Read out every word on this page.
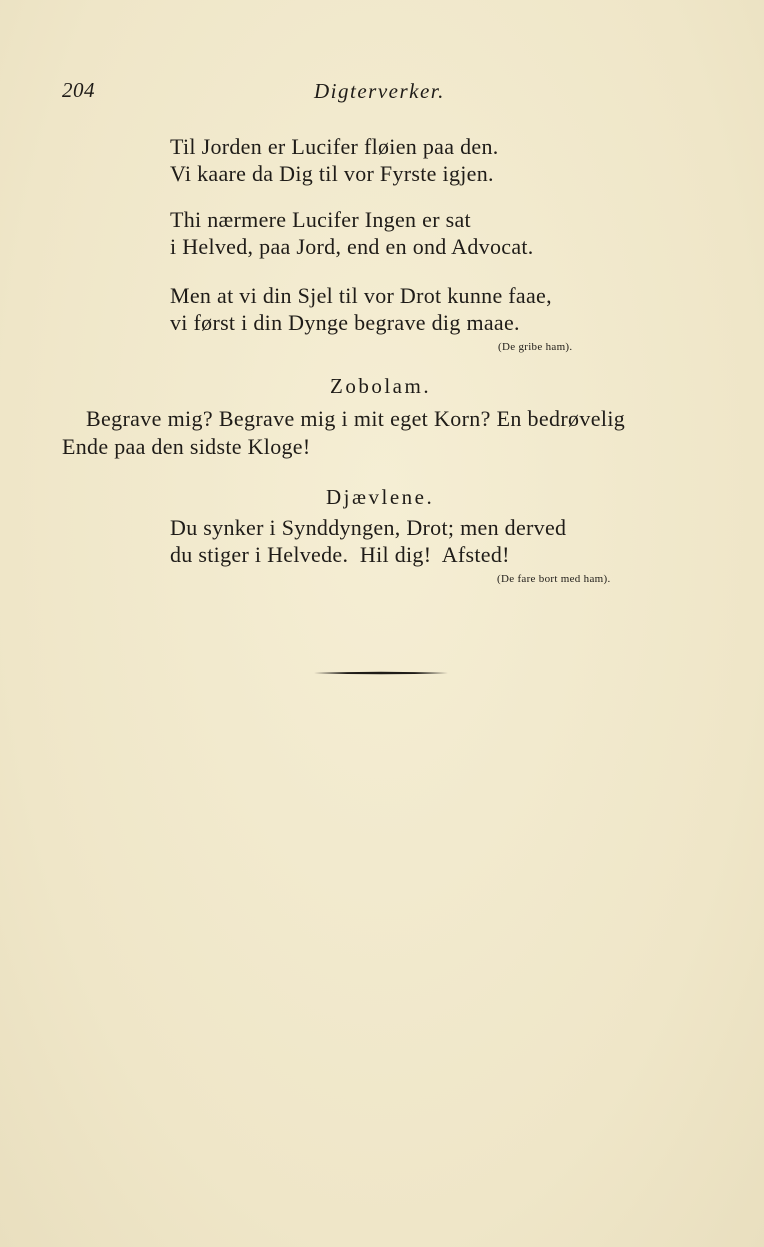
204	Digterverker.
Til Jorden er Lucifer fløien paa den.
Vi kaare da Dig til vor Fyrste igjen.
Thi nærmere Lucifer Ingen er sat
i Helved, paa Jord, end en ond Advocat.
Men at vi din Sjel til vor Drot kunne faae,
vi først i din Dynge begrave dig maae.
(De gribe ham).
Zobolam.
Begrave mig? Begrave mig i mit eget Korn? En bedrøvelig
Ende paa den sidste Kloge!
Djævlene.
Du synker i Synddyngen, Drot; men derved
du stiger i Helvede.  Hil dig!  Afsted!
(De fare bort med ham).
